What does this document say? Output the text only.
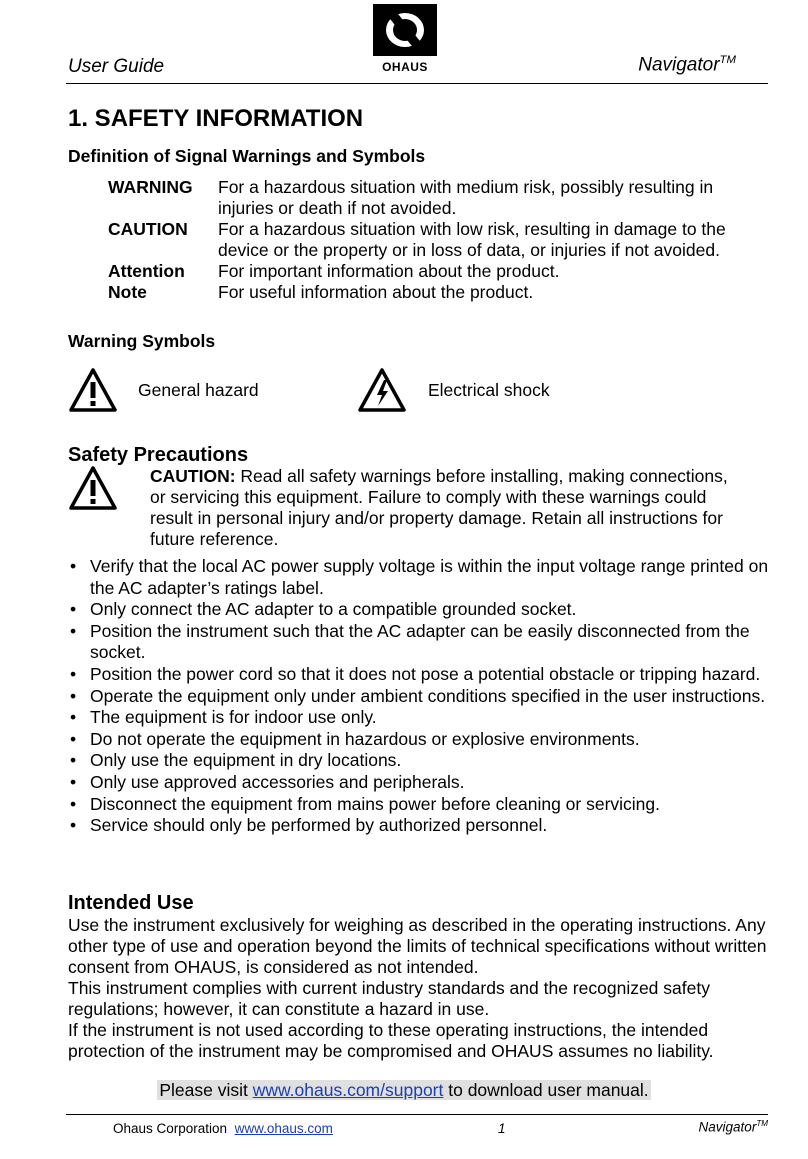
User Guide	OHAUS	Navigator™
1. SAFETY INFORMATION
Definition of Signal Warnings and Symbols
WARNING	For a hazardous situation with medium risk, possibly resulting in injuries or death if not avoided.
CAUTION	For a hazardous situation with low risk, resulting in damage to the device or the property or in loss of data, or injuries if not avoided.
Attention	For important information about the product.
Note	For useful information about the product.
Warning Symbols
General hazard	Electrical shock
Safety Precautions
CAUTION: Read all safety warnings before installing, making connections, or servicing this equipment. Failure to comply with these warnings could result in personal injury and/or property damage. Retain all instructions for future reference.
• Verify that the local AC power supply voltage is within the input voltage range printed on the AC adapter’s ratings label.
• Only connect the AC adapter to a compatible grounded socket.
• Position the instrument such that the AC adapter can be easily disconnected from the socket.
• Position the power cord so that it does not pose a potential obstacle or tripping hazard.
• Operate the equipment only under ambient conditions specified in the user instructions.
• The equipment is for indoor use only.
• Do not operate the equipment in hazardous or explosive environments.
• Only use the equipment in dry locations.
• Only use approved accessories and peripherals.
• Disconnect the equipment from mains power before cleaning or servicing.
• Service should only be performed by authorized personnel.
Intended Use
Use the instrument exclusively for weighing as described in the operating instructions. Any other type of use and operation beyond the limits of technical specifications without written consent from OHAUS, is considered as not intended.
This instrument complies with current industry standards and the recognized safety regulations; however, it can constitute a hazard in use.
If the instrument is not used according to these operating instructions, the intended protection of the instrument may be compromised and OHAUS assumes no liability.
Please visit www.ohaus.com/support to download user manual.
Ohaus Corporation www.ohaus.com	1	Navigator™
